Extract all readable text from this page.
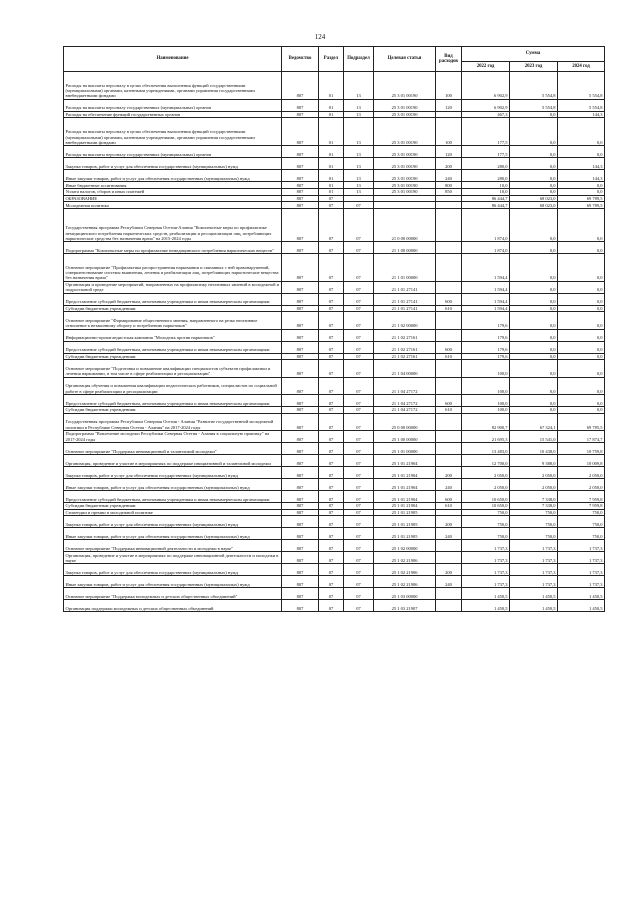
124
Наименование	Ведомство	Раздел	Подраздел	Целевая статья	Вид расходов	Сумма		
						2022 год	2023 год	2024 год
Расходы на выплаты персоналу в целях обеспечения выполнения функций государственными (муниципальными) органами, казенными учреждениями, органами управления государственными внебюджетными фондами	807	01	13	25 3 01 00190	100	6 902,9	5 554,8	5 554,8
Расходы на выплаты персоналу государственных (муниципальных) органов	807	01	13	25 3 01 00190	120	6 902,9	5 554,8	5 554,8
Расходы на обеспечение функций государственных органов	807	01	13	25 3 01 00190		467,3	0,0	144,3
Расходы на выплаты персоналу в целях обеспечения выполнения функций государственными (муниципальными) органами, казенными учреждениями, органами управления государственными внебюджетными фондами	807	01	13	25 3 01 00190	100	177,5	0,0	0,0
Расходы на выплаты персоналу государственных (муниципальных) органов	807	01	13	25 3 01 00190	120	177,5	0,0	0,0
Закупка товаров, работ и услуг для обеспечения государственных (муниципальных) нужд	807	01	13	25 3 01 00190	200	280,0	0,0	144,3
Иные закупки товаров, работ и услуг для обеспечения государственных (муниципальных) нужд	807	01	13	25 3 01 00190	240	280,0	0,0	144,3
Иные бюджетные ассигнования	807	01	13	25 3 01 00190	800	10,0	0,0	0,0
Уплата налогов, сборов и иных платежей	807	01	13	25 3 01 00190	850	10,0	0,0	0,0
ОБРАЗОВАНИЕ	807	07				86 444,7	68 023,0	69 789,5
Молодежная политика	807	07	07			86 444,7	68 023,0	69 789,5
Государственная программа Республики Северная Осетия-Алания "Комплексные меры по профилактике немедицинского потребления наркотических средств, реабилитации и ресоциализации лиц, потребляющих наркотические средства без назначения врача" на 2015-2024 годы	807	07	07	21 0 00 00000		1 874,0	0,0	0,0
Подпрограмма "Комплексные меры по профилактике немедицинского потребления наркотических веществ"	807	07	07	21 1 00 00000		1 874,0	0,0	0,0
Основное мероприятие "Профилактика распространения наркомании и связанных с ней правонарушений, совершенствование системы выявления, лечения и реабилитации лиц, потребляющих наркотические вещества без назначения врача"	807	07	07	21 1 01 00000		1 594,4	0,0	0,0
Организация и проведение мероприятий, направленных на профилактику негативных явлений в молодежной и подростковой среде	807	07	07	21 1 01 27141		1 594,4	0,0	0,0
Предоставление субсидий бюджетным, автономным учреждениям и иным некоммерческим организациям	807	07	07	21 1 01 27141	600	1 594,4	0,0	0,0
Субсидии бюджетным учреждениям	807	07	07	21 1 01 27141	610	1 594,4	0,0	0,0
Основное мероприятие "Формирование общественного мнения, направленного на резко негативное отношение к незаконному обороту и потреблению наркотиков"	807	07	07	21 1 02 00000		179,6	0,0	0,0
Информационно-пропагандистская кампания "Молодежь против наркотиков"	807	07	07	21 1 02 27161		179,6	0,0	0,0
Предоставление субсидий бюджетным, автономным учреждениям и иным некоммерческим организациям	807	07	07	21 1 02 27161	600	179,6	0,0	0,0
Субсидии бюджетным учреждениям	807	07	07	21 1 02 27161	610	179,6	0,0	0,0
Основное мероприятие "Подготовка и повышение квалификации специалистов субъектов профилактики и лечения наркомании, в том числе в сфере реабилитации и ресоциализации"	807	07	07	21 1 04 00000		100,0	0,0	0,0
Организация обучения и повышения квалификации педагогических работников, специалистов по социальной работе в сфере реабилитации и ресоциализации	807	07	07	21 1 04 27172		100,0	0,0	0,0
Предоставление субсидий бюджетным, автономным учреждениям и иным некоммерческим организациям	807	07	07	21 1 04 27172	600	100,0	0,0	0,0
Субсидии бюджетным учреждениям	807	07	07	21 1 04 27172	610	100,0	0,0	0,0
Государственная программа Республики Северная Осетия - Алания "Развитие государственной молодежной политики в Республике Северная Осетия - Алания" на 2017-2024 годы	807	07	07	25 0 00 00000		82 900,7	67 324,1	69 785,5
Подпрограмма "Вовлечение молодежи Республики Северная Осетия - Алания в социальную практику" на 2017-2024 годы	807	07	07	25 1 00 00000		21 695,3	15 541,0	17 874,7
Основное мероприятие "Поддержка инновационной и талантливой молодежи"	807	07	07	25 1 01 00000		13 483,0	10 438,0	10 759,8
Организация, проведение и участие в мероприятиях по поддержке инициативной и талантливой молодежи	807	07	07	25 1 01 21904		12 700,0	9 388,0	10 009,8
Закупка товаров, работ и услуг для обеспечения государственных (муниципальных) нужд	807	07	07	25 1 01 21904	200	2 050,0	2 050,0	2 050,0
Иные закупки товаров, работ и услуг для обеспечения государственных (муниципальных) нужд	807	07	07	25 1 01 21904	240	2 050,0	2 050,0	2 050,0
Предоставление субсидий бюджетным, автономным учреждениям и иным некоммерческим организациям	807	07	07	25 1 01 21904	600	10 650,0	7 338,0	7 959,8
Субсидии бюджетным учреждениям	807	07	07	25 1 01 21904	610	10 650,0	7 338,0	7 959,8
Стипендии и премии в молодежной политике	807	07	07	25 1 01 21905		750,0	750,0	750,0
Закупка товаров, работ и услуг для обеспечения государственных (муниципальных) нужд	807	07	07	25 1 01 21905	200	750,0	750,0	750,0
Иные закупки товаров, работ и услуг для обеспечения государственных (муниципальных) нужд	807	07	07	25 1 01 21905	240	750,0	750,0	750,0
Основное мероприятие "Поддержка инновационной деятельности и молодежи в науке"	807	07	07	25 1 02 00000		1 737,3	1 737,3	1 737,3
Организация, проведение и участие в мероприятиях по поддержке инновационной деятельности и молодежи в науке	807	07	07	25 1 02 21906		1 737,3	1 737,3	1 737,3
Закупка товаров, работ и услуг для обеспечения государственных (муниципальных) нужд	807	07	07	25 1 02 21906	200	1 737,3	1 737,3	1 737,3
Иные закупки товаров, работ и услуг для обеспечения государственных (муниципальных) нужд	807	07	07	25 1 02 21906	240	1 737,3	1 737,3	1 737,3
Основное мероприятие "Поддержка молодежных и детских общественных объединений"	807	07	07	25 1 03 00000		1 450,5	1 450,5	1 450,5
Организация поддержки молодежных и детских общественных объединений	807	07	07	25 1 03 21907		1 450,5	1 450,5	1 450,5
